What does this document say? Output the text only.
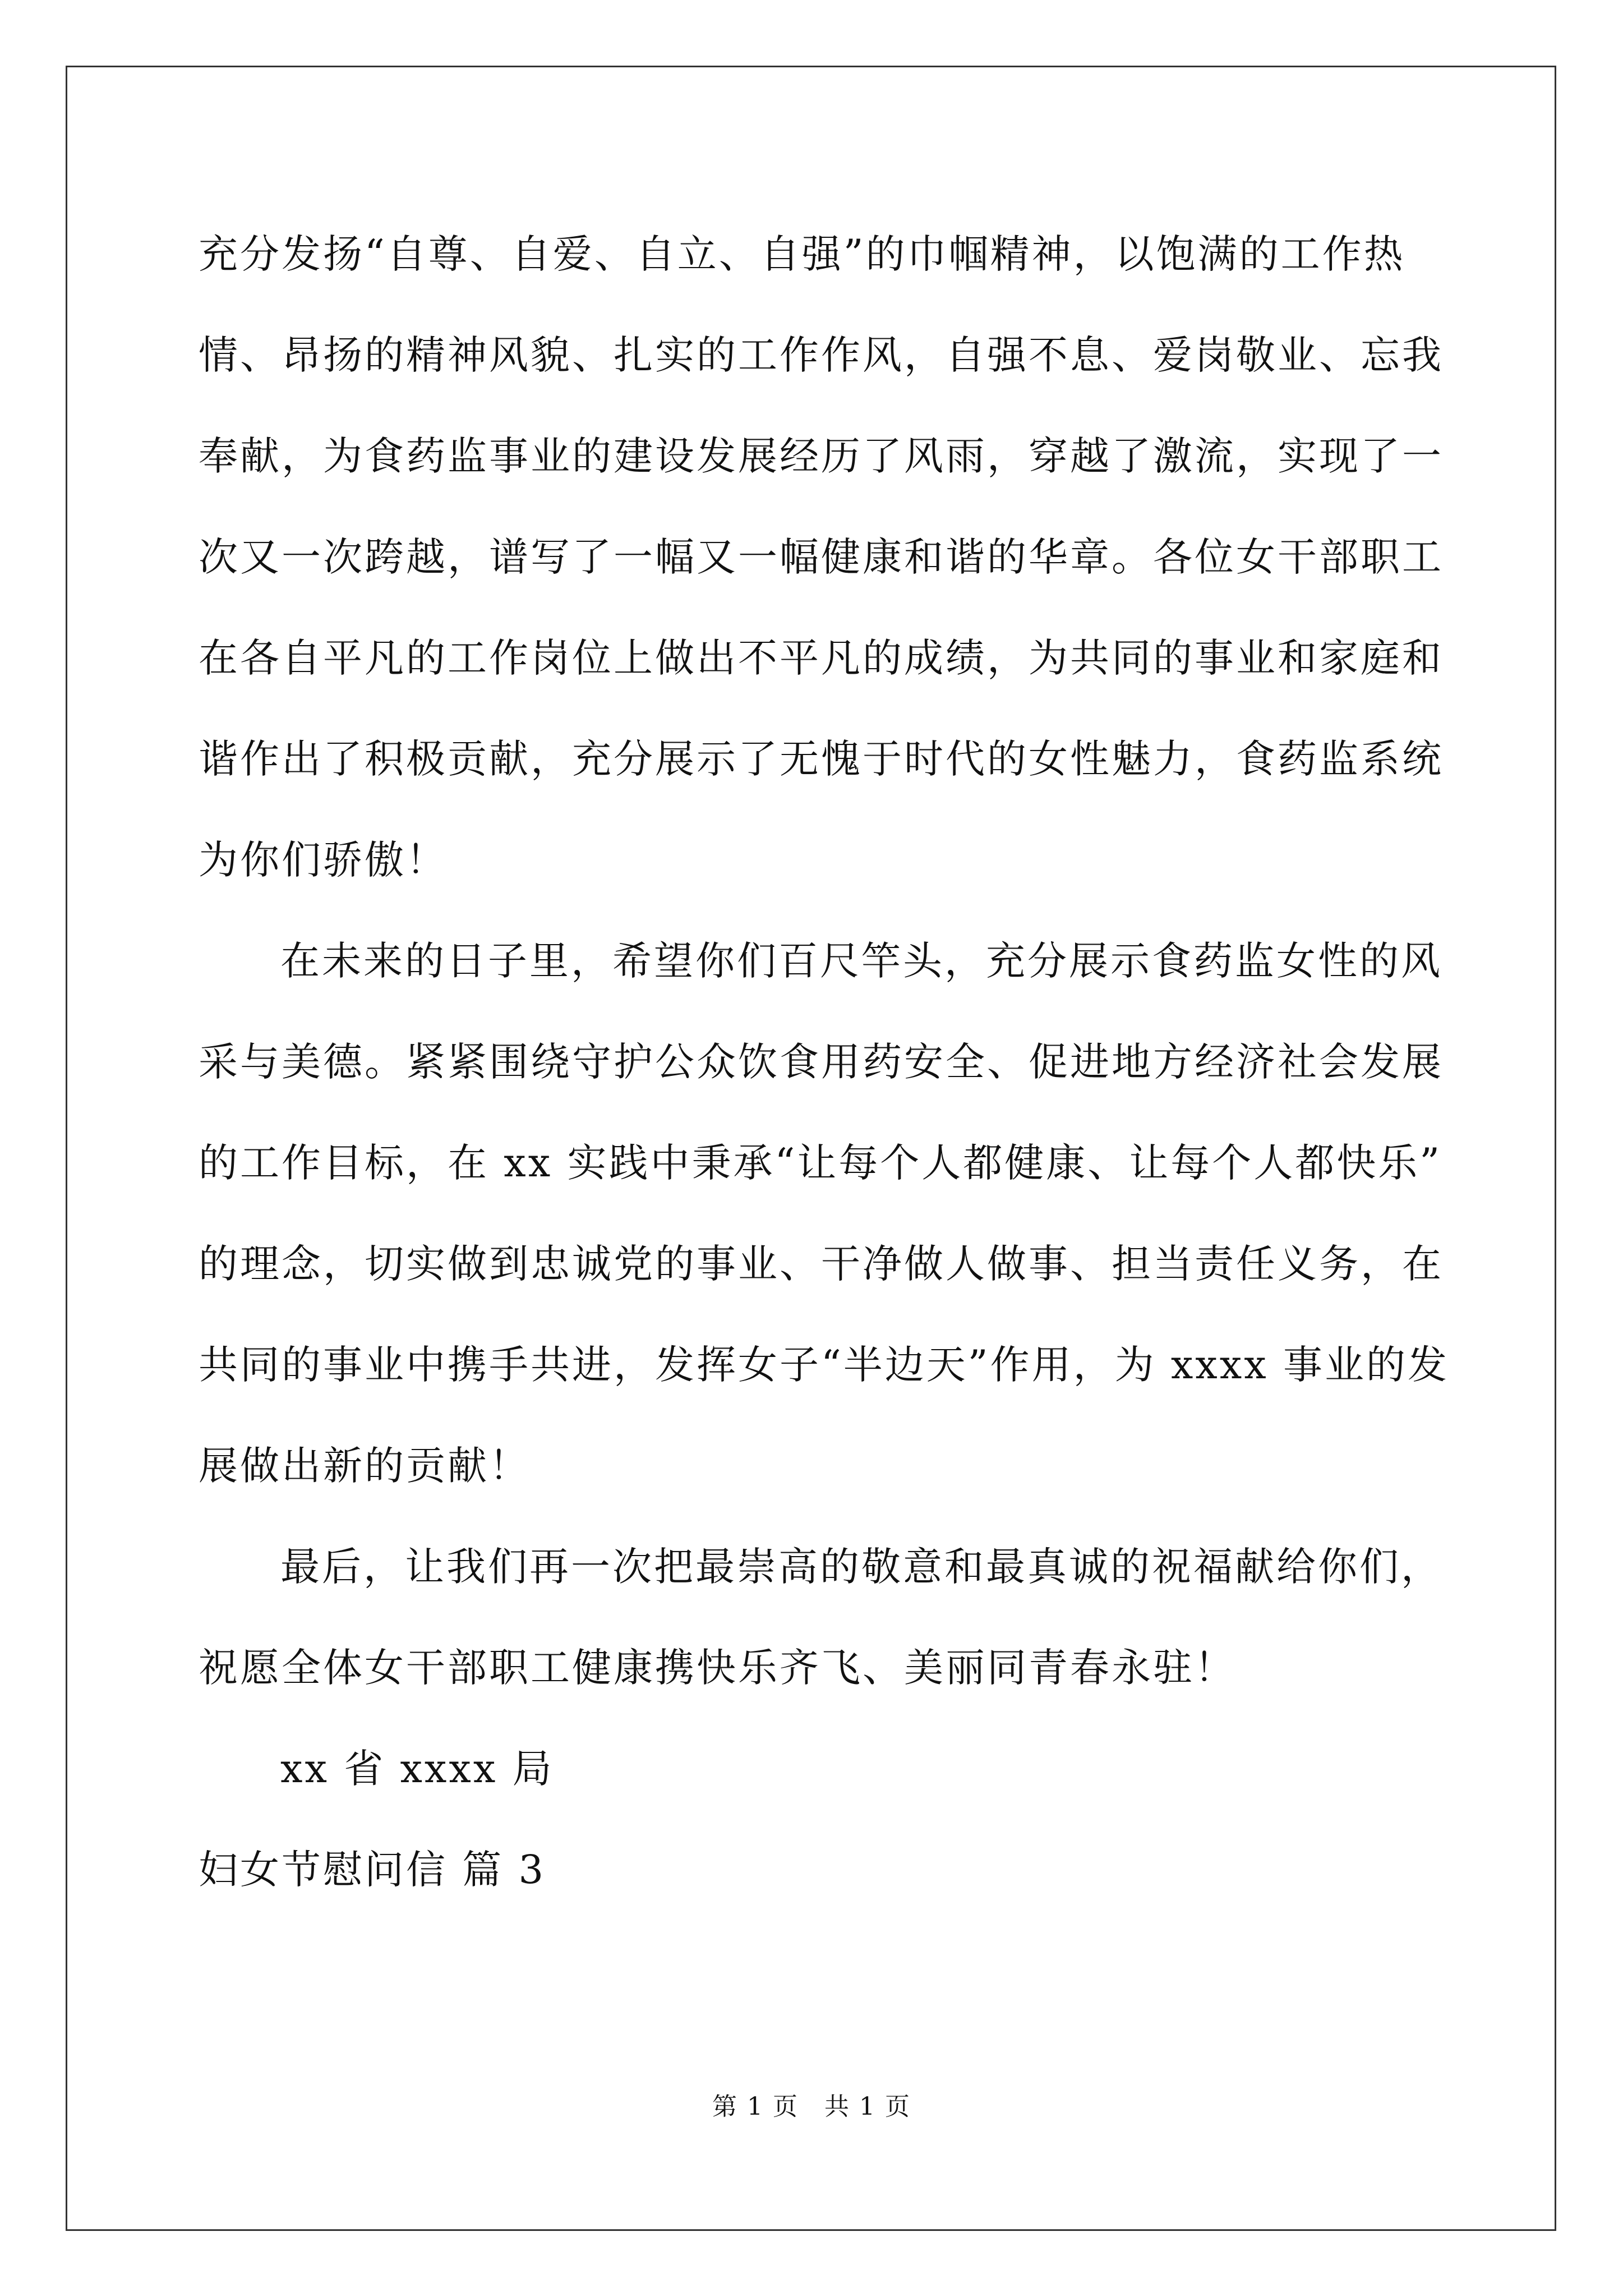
充分发扬“自尊、自爱、自立、自强”的巾帼精神，以饱满的工作热
情、昂扬的精神风貌、扎实的工作作风，自强不息、爱岗敬业、忘我
奉献，为食药监事业的建设发展经历了风雨，穿越了激流，实现了一
次又一次跨越，谱写了一幅又一幅健康和谐的华章。各位女干部职工
在各自平凡的工作岗位上做出不平凡的成绩，为共同的事业和家庭和
谐作出了积极贡献，充分展示了无愧于时代的女性魅力，食药监系统
为你们骄傲！
在未来的日子里，希望你们百尺竿头，充分展示食药监女性的风
采与美德。紧紧围绕守护公众饮食用药安全、促进地方经济社会发展
的工作目标，在 xx 实践中秉承“让每个人都健康、让每个人都快乐”
的理念，切实做到忠诚党的事业、干净做人做事、担当责任义务，在
共同的事业中携手共进，发挥女子“半边天”作用，为 xxxx 事业的发
展做出新的贡献！
最后，让我们再一次把最崇高的敬意和最真诚的祝福献给你们，
祝愿全体女干部职工健康携快乐齐飞、美丽同青春永驻！
xx 省 xxxx 局
妇女节慰问信 篇 3
第 1 页　共 1 页
